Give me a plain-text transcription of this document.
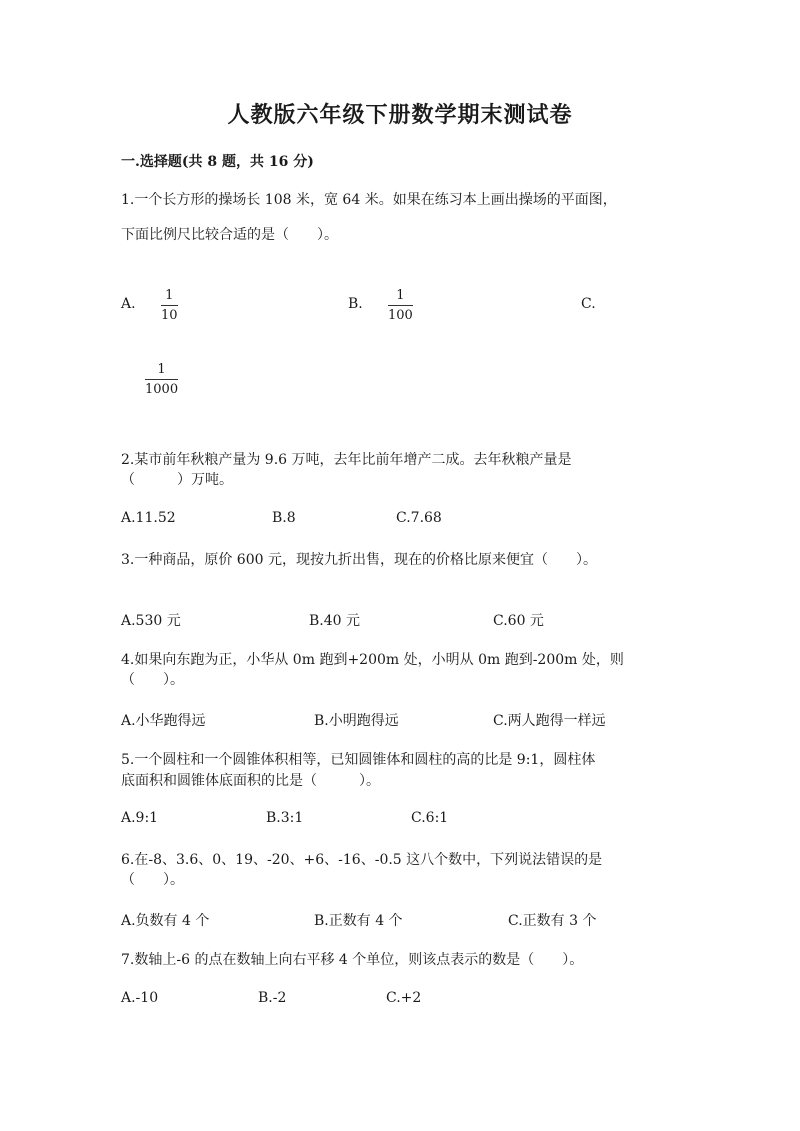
人教版六年级下册数学期末测试卷
一.选择题(共 8 题，共 16 分)
1.一个长方形的操场长 108 米，宽 64 米。如果在练习本上画出操场的平面图，
下面比例尺比较合适的是（　　）。
A.
1
10
B.
1
100
C.
1
1000
2.某市前年秋粮产量为 9.6 万吨，去年比前年增产二成。去年秋粮产量是
（　　　）万吨。
A.11.52	B.8	C.7.68
3.一种商品，原价 600 元，现按九折出售，现在的价格比原来便宜（　　）。
A.530 元	B.40 元	C.60 元
4.如果向东跑为正，小华从 0m 跑到+200m 处，小明从 0m 跑到-200m 处，则
（　　）。
A.小华跑得远	B.小明跑得远	C.两人跑得一样远
5.一个圆柱和一个圆锥体积相等，已知圆锥体和圆柱的高的比是 9:1，圆柱体
底面积和圆锥体底面积的比是（　　　）。
A.9:1	B.3:1	C.6:1
6.在-8、3.6、0、19、-20、+6、-16、-0.5 这八个数中，下列说法错误的是
（　　）。
A.负数有 4 个	B.正数有 4 个	C.正数有 3 个
7.数轴上-6 的点在数轴上向右平移 4 个单位，则该点表示的数是（　　）。
A.-10	B.-2	C.+2
